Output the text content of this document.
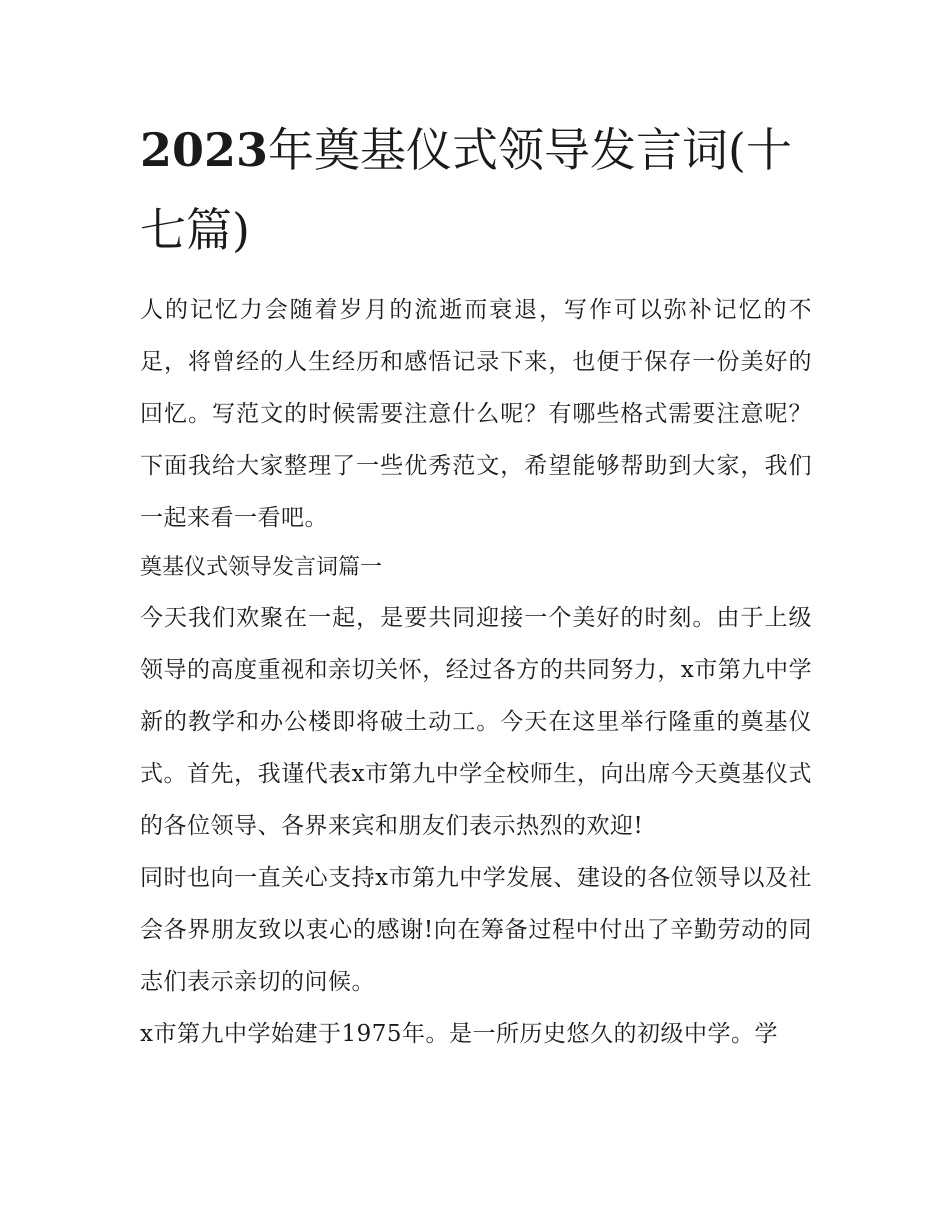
2023年奠基仪式领导发言词(十七篇)

人的记忆力会随着岁月的流逝而衰退，写作可以弥补记忆的不足，将曾经的人生经历和感悟记录下来，也便于保存一份美好的回忆。写范文的时候需要注意什么呢？有哪些格式需要注意呢？下面我给大家整理了一些优秀范文，希望能够帮助到大家，我们一起来看一看吧。

奠基仪式领导发言词篇一

今天我们欢聚在一起，是要共同迎接一个美好的时刻。由于上级领导的高度重视和亲切关怀，经过各方的共同努力，x市第九中学新的教学和办公楼即将破土动工。今天在这里举行隆重的奠基仪式。首先，我谨代表x市第九中学全校师生，向出席今天奠基仪式的各位领导、各界来宾和朋友们表示热烈的欢迎!

同时也向一直关心支持x市第九中学发展、建设的各位领导以及社会各界朋友致以衷心的感谢!向在筹备过程中付出了辛勤劳动的同志们表示亲切的问候。

x市第九中学始建于1975年。是一所历史悠久的初级中学。学
